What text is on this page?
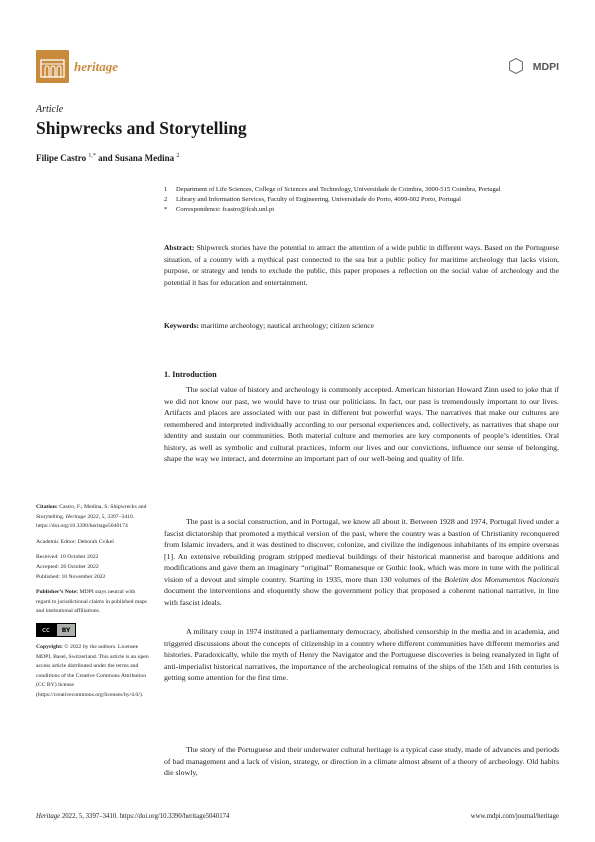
heritage	MDPI
Article
Shipwrecks and Storytelling
Filipe Castro $^{1,*}$ and Susana Medina $^2$
1 Department of Life Sciences, College of Sciences and Technology, Universidade de Coimbra, 3000-515 Coimbra, Portugal
2 Library and Information Services, Faculty of Engineering, Universidade do Porto, 4099-002 Porto, Portugal
* Correspondence: fcastro@fcsh.unl.pt

Abstract: Shipwreck stories have the potential to attract the attention of a wide public in different ways. Based on the Portuguese situation, of a country with a mythical past connected to the sea but a public policy for maritime archeology that lacks vision, purpose, or strategy and tends to exclude the public, this paper proposes a reflection on the social value of archeology and the potential it has for education and entertainment.

Keywords: maritime archeology; nautical archeology; citizen science

1. Introduction

The social value of history and archeology is commonly accepted. American historian Howard Zinn used to joke that if we did not know our past, we would have to trust our politicians. In fact, our past is tremendously important to our lives. Artifacts and places are associated with our past in different but powerful ways. The narratives that make our cultures are remembered and interpreted individually according to our personal experiences and, collectively, as narratives that shape our identity and sustain our communities. Both material culture and memories are key components of people’s identities. Oral history, as well as symbolic and cultural practices, inform our lives and our convictions, influence our sense of belonging, shape the way we interact, and determine an important part of our well-being and quality of life.

The past is a social construction, and in Portugal, we know all about it. Between 1928 and 1974, Portugal lived under a fascist dictatorship that promoted a mythical version of the past, where the country was a bastion of Christianity reconquered from Islamic invaders, and it was destined to discover, colonize, and civilize the indigenous inhabitants of its empire overseas [1]. An extensive rebuilding program stripped medieval buildings of their historical mannerist and baroque additions and modifications and gave them an imaginary “original” Romanesque or Gothic look, which was more in tune with the political vision of a devout and simple country. Starting in 1935, more than 130 volumes of the Boletim dos Monumentos Nacionais document the interventions and eloquently show the government policy that proposed a coherent national narrative, in line with fascist ideals.

A military coup in 1974 instituted a parliamentary democracy, abolished censorship in the media and in academia, and triggered discussions about the concepts of citizenship in a country where different communities have different memories and histories. Paradoxically, while the myth of Henry the Navigator and the Portuguese discoveries is being reanalyzed in light of anti-imperialist historical narratives, the importance of the archeological remains of the ships of the 15th and 16th centuries is getting some attention for the first time.

The story of the Portuguese and their underwater cultural heritage is a typical case study, made of advances and periods of bad management and a lack of vision, strategy, or direction in a climate almost absent of a theory of archeology. Old habits die slowly,

Citation: Castro, F.; Medina, S. Shipwrecks and Storytelling. Heritage 2022, 5, 3397–3410. https://doi.org/10.3390/heritage5040174
Academic Editor: Deborah Cvikel
Received: 10 October 2022
Accepted: 26 October 2022
Published: 10 November 2022
Publisher’s Note: MDPI stays neutral with regard to jurisdictional claims in published maps and institutional affiliations.
cc	BY
Copyright: © 2022 by the authors. Licensee MDPI, Basel, Switzerland. This article is an open access article distributed under the terms and conditions of the Creative Commons Attribution (CC BY) license (https://creativecommons.org/licenses/by/4.0/).
Heritage 2022, 5, 3397–3410. https://doi.org/10.3390/heritage5040174	www.mdpi.com/journal/heritage
